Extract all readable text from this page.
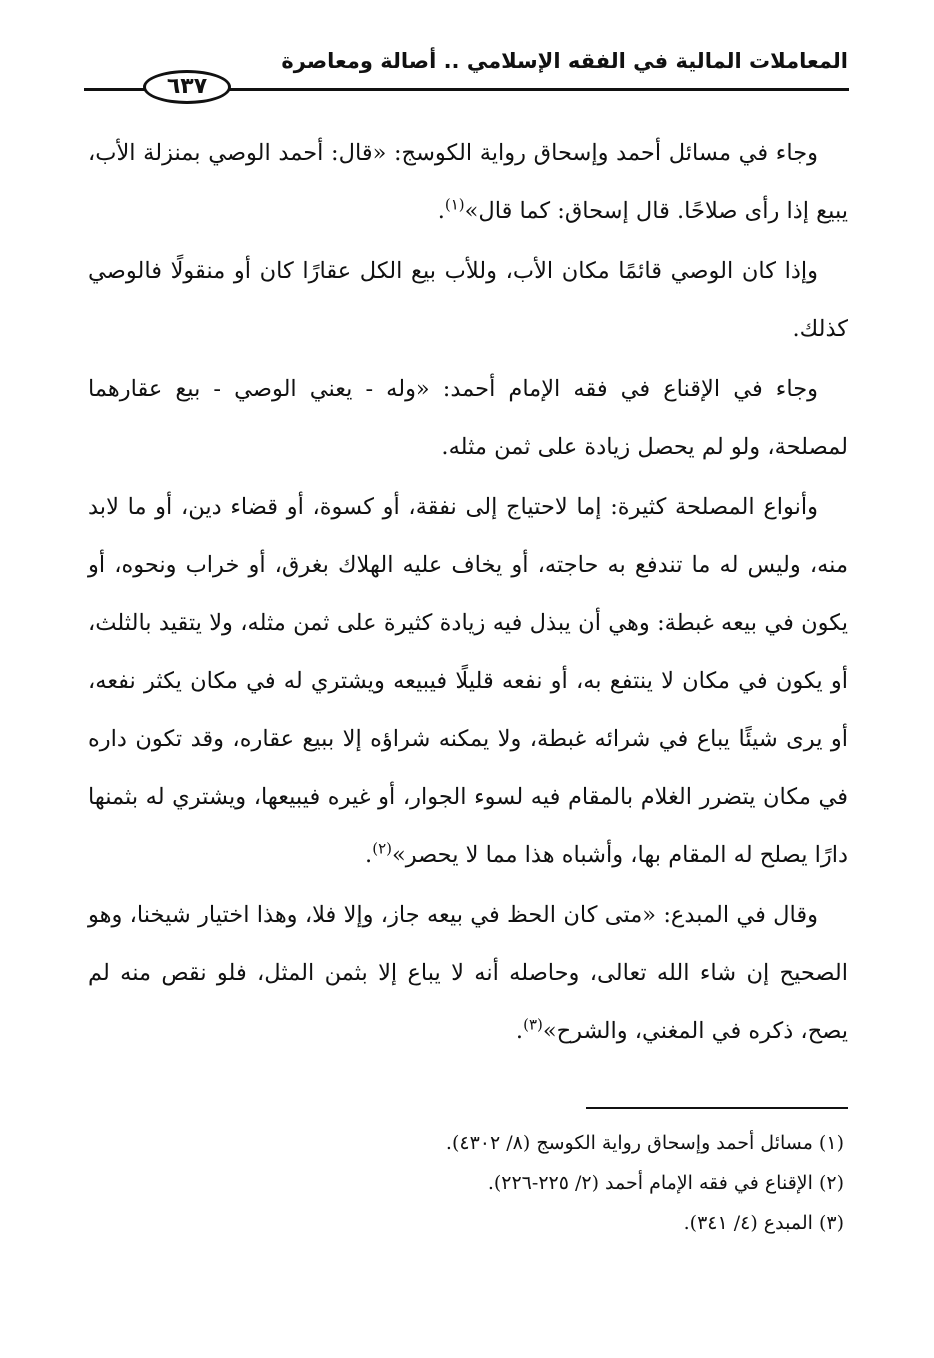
المعاملات المالية في الفقه الإسلامي .. أصالة ومعاصرة
٦٣٧

وجاء في مسائل أحمد وإسحاق رواية الكوسج: «قال: أحمد الوصي بمنزلة الأب، يبيع إذا رأى صلاحًا. قال إسحاق: كما قال»$^{(١)}$.

وإذا كان الوصي قائمًا مكان الأب، وللأب بيع الكل عقارًا كان أو منقولًا فالوصي كذلك.

وجاء في الإقناع في فقه الإمام أحمد: «وله - يعني الوصي - بيع عقارهما لمصلحة، ولو لم يحصل زيادة على ثمن مثله.

وأنواع المصلحة كثيرة: إما لاحتياج إلى نفقة، أو كسوة، أو قضاء دين، أو ما لابد منه، وليس له ما تندفع به حاجته، أو يخاف عليه الهلاك بغرق، أو خراب ونحوه، أو يكون في بيعه غبطة: وهي أن يبذل فيه زيادة كثيرة على ثمن مثله، ولا يتقيد بالثلث، أو يكون في مكان لا ينتفع به، أو نفعه قليلًا فيبيعه ويشتري له في مكان يكثر نفعه، أو يرى شيئًا يباع في شرائه غبطة، ولا يمكنه شراؤه إلا ببيع عقاره، وقد تكون داره في مكان يتضرر الغلام بالمقام فيه لسوء الجوار، أو غيره فيبيعها، ويشتري له بثمنها دارًا يصلح له المقام بها، وأشباه هذا مما لا يحصر»$^{(٢)}$.

وقال في المبدع: «متى كان الحظ في بيعه جاز، وإلا فلا، وهذا اختيار شيخنا، وهو الصحيح إن شاء الله تعالى، وحاصله أنه لا يباع إلا بثمن المثل، فلو نقص منه لم يصح، ذكره في المغني، والشرح»$^{(٣)}$.

(١) مسائل أحمد وإسحاق رواية الكوسج (٨/ ٤٣٠٢).
(٢) الإقناع في فقه الإمام أحمد (٢/ ٢٢٥-٢٢٦).
(٣) المبدع (٤/ ٣٤١).
